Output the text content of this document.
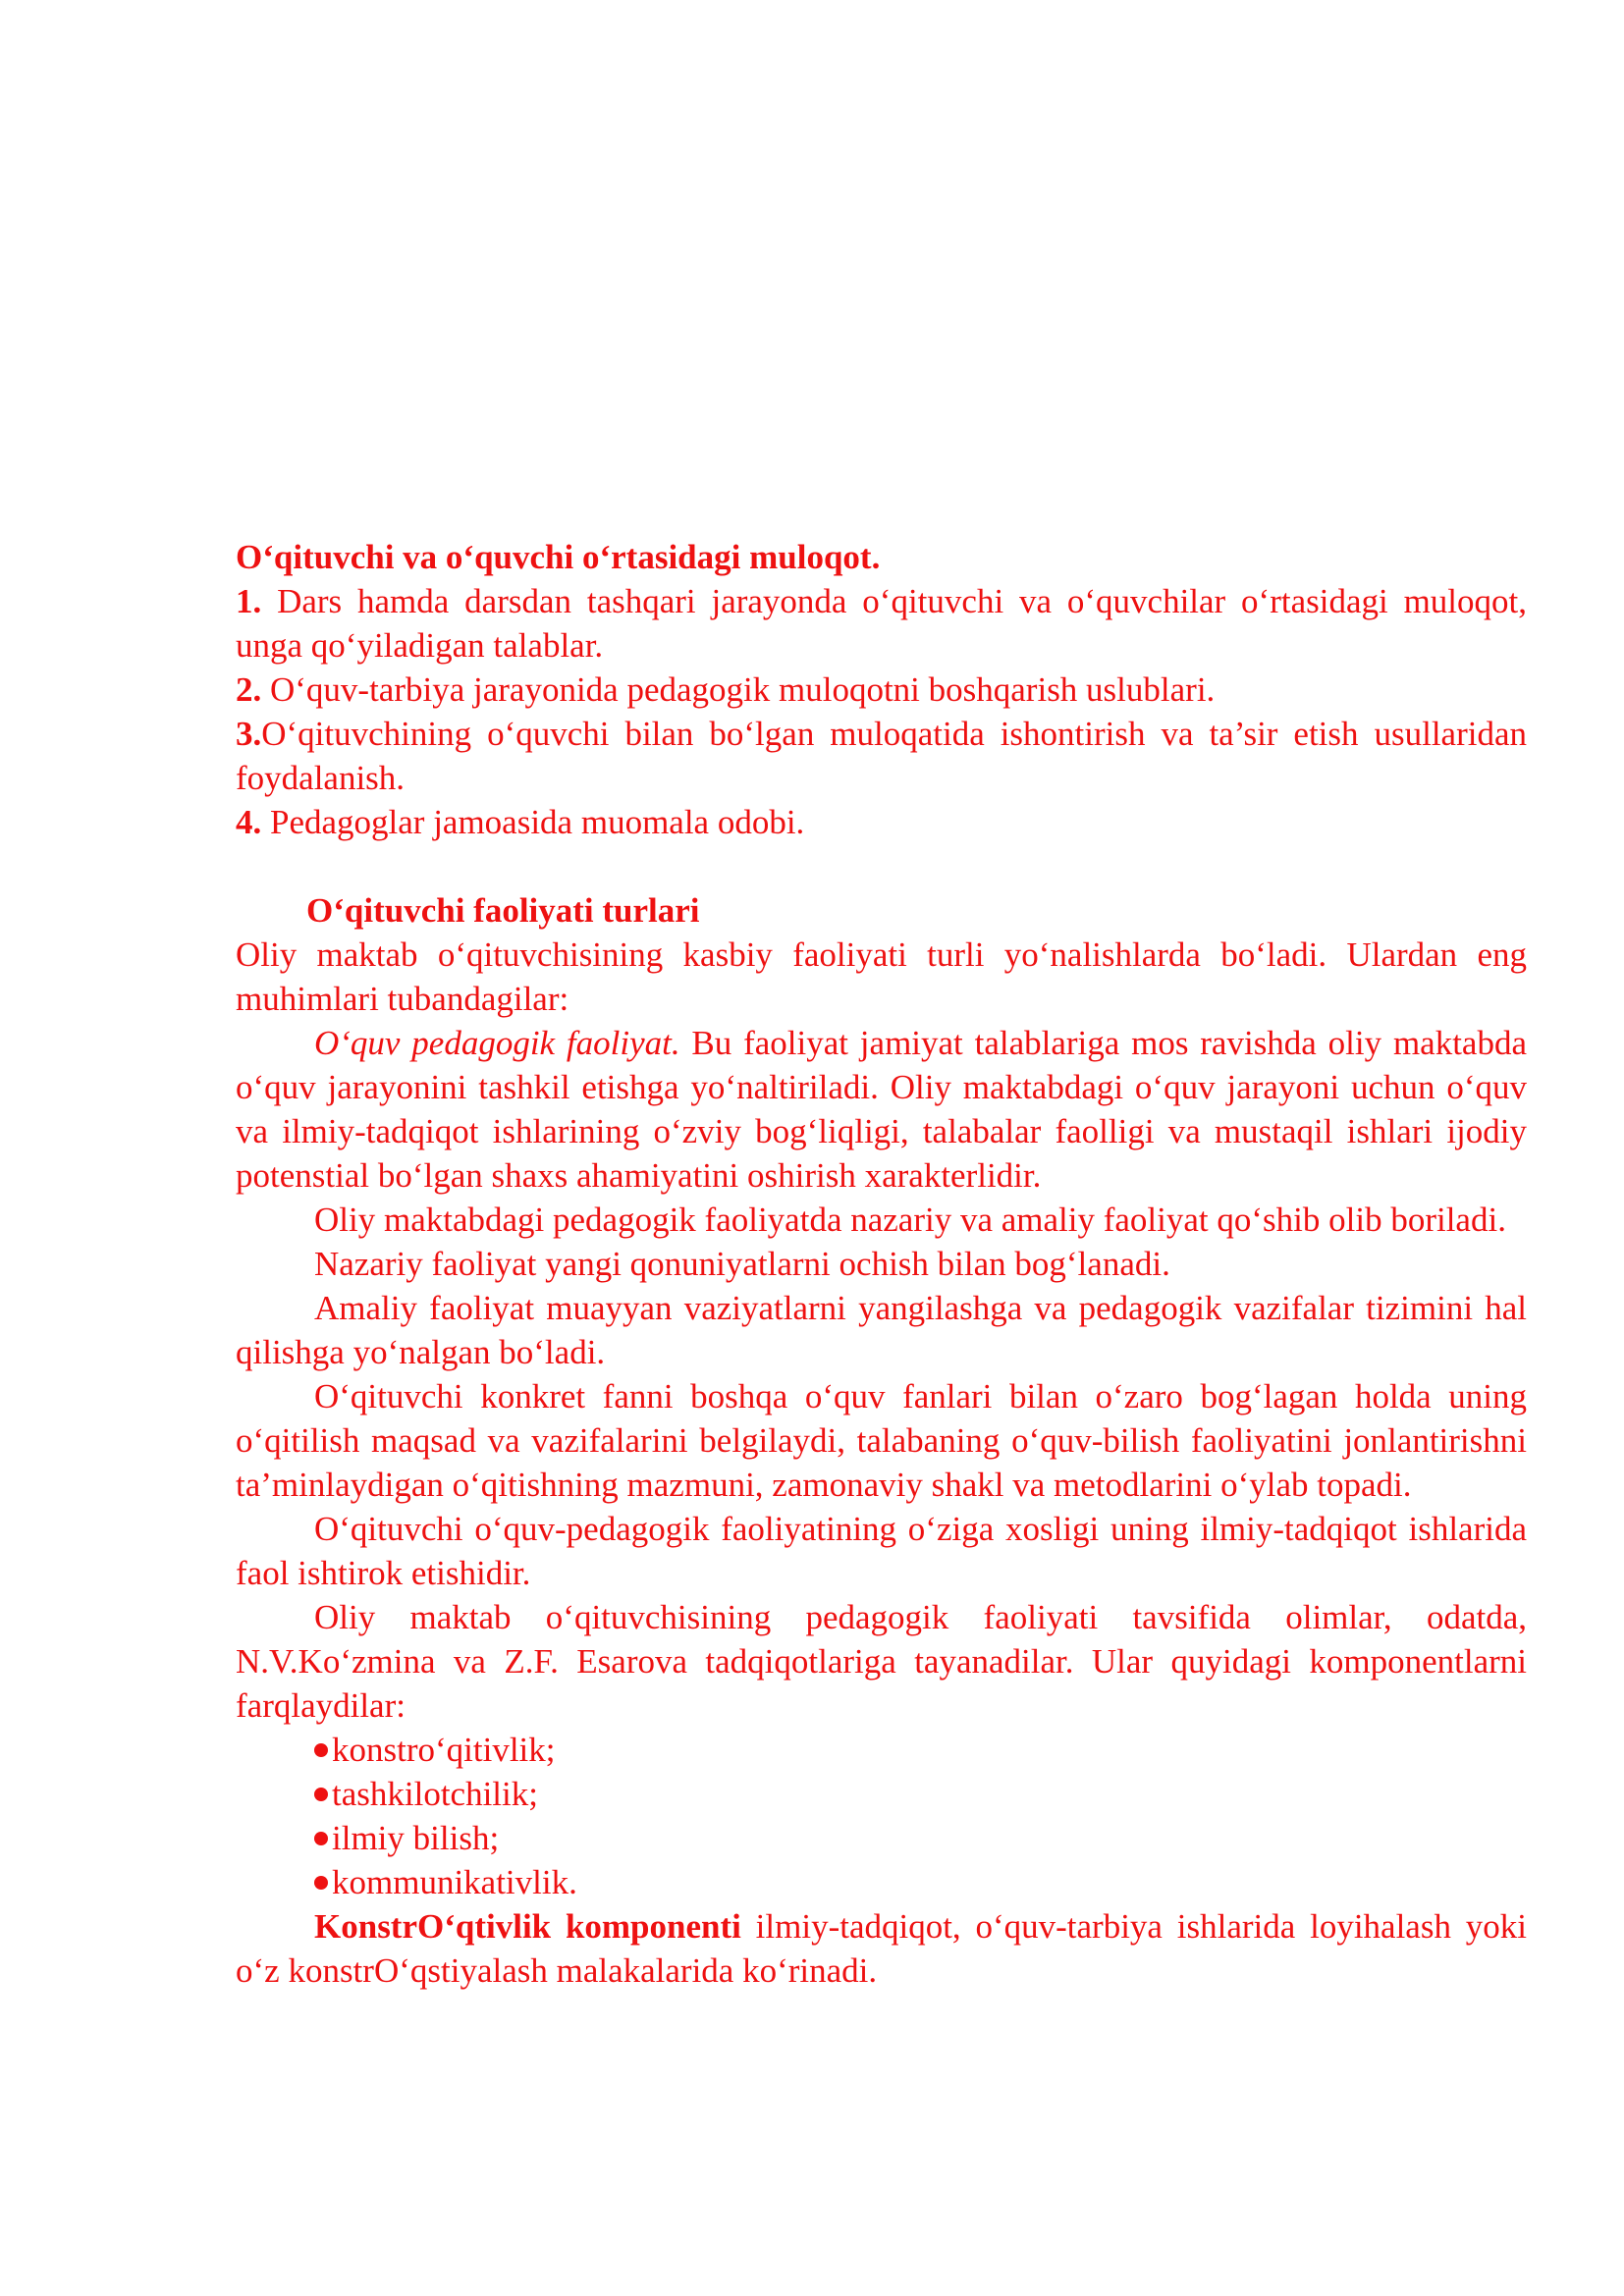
O‘qituvchi va o‘quvchi o‘rtasidagi muloqot.

1. Dars hamda darsdan tashqari jarayonda o‘qituvchi va o‘quvchilar o‘rtasidagi muloqot, unga qo‘yiladigan talablar.

2. O‘quv-tarbiya jarayonida pedagogik muloqotni boshqarish uslublari.

3.O‘qituvchining o‘quvchi bilan bo‘lgan muloqatida ishontirish va ta’sir etish usullaridan foydalanish.

4. Pedagoglar jamoasida muomala odobi.

O‘qituvchi faoliyati turlari

Oliy maktab o‘qituvchisining kasbiy faoliyati turli yo‘nalishlarda bo‘ladi. Ulardan eng muhimlari tubandagilar:

O‘quv pedagogik faoliyat. Bu faoliyat jamiyat talablariga mos ravishda oliy maktabda o‘quv jarayonini tashkil etishga yo‘naltiriladi. Oliy maktabdagi o‘quv jarayoni uchun o‘quv va ilmiy-tadqiqot ishlarining o‘zviy bog‘liqligi, talabalar faolligi va mustaqil ishlari ijodiy potenstial bo‘lgan shaxs ahamiyatini oshirish xarakterlidir.

Oliy maktabdagi pedagogik faoliyatda nazariy va amaliy faoliyat qo‘shib olib boriladi.

Nazariy faoliyat yangi qonuniyatlarni ochish bilan bog‘lanadi.

Amaliy faoliyat muayyan vaziyatlarni yangilashga va pedagogik vazifalar tizimini hal qilishga yo‘nalgan bo‘ladi.

O‘qituvchi konkret fanni boshqa o‘quv fanlari bilan o‘zaro bog‘lagan holda uning o‘qitilish maqsad va vazifalarini belgilaydi, talabaning o‘quv-bilish faoliyatini jonlantirishni ta’minlaydigan o‘qitishning mazmuni, zamonaviy shakl va metodlarini o‘ylab topadi.

O‘qituvchi o‘quv-pedagogik faoliyatining o‘ziga xosligi uning ilmiy-tadqiqot ishlarida faol ishtirok etishidir.

Oliy maktab o‘qituvchisining pedagogik faoliyati tavsifida olimlar, odatda, N.V.Ko‘zmina va Z.F. Esarova tadqiqotlariga tayanadilar. Ular quyidagi komponentlarni farqlaydilar:

konstro‘qitivlik;

tashkilotchilik;

ilmiy bilish;

kommunikativlik.

KonstrO‘qtivlik komponenti ilmiy-tadqiqot, o‘quv-tarbiya ishlarida loyihalash yoki o‘z konstrO‘qstiyalash malakalarida ko‘rinadi.
